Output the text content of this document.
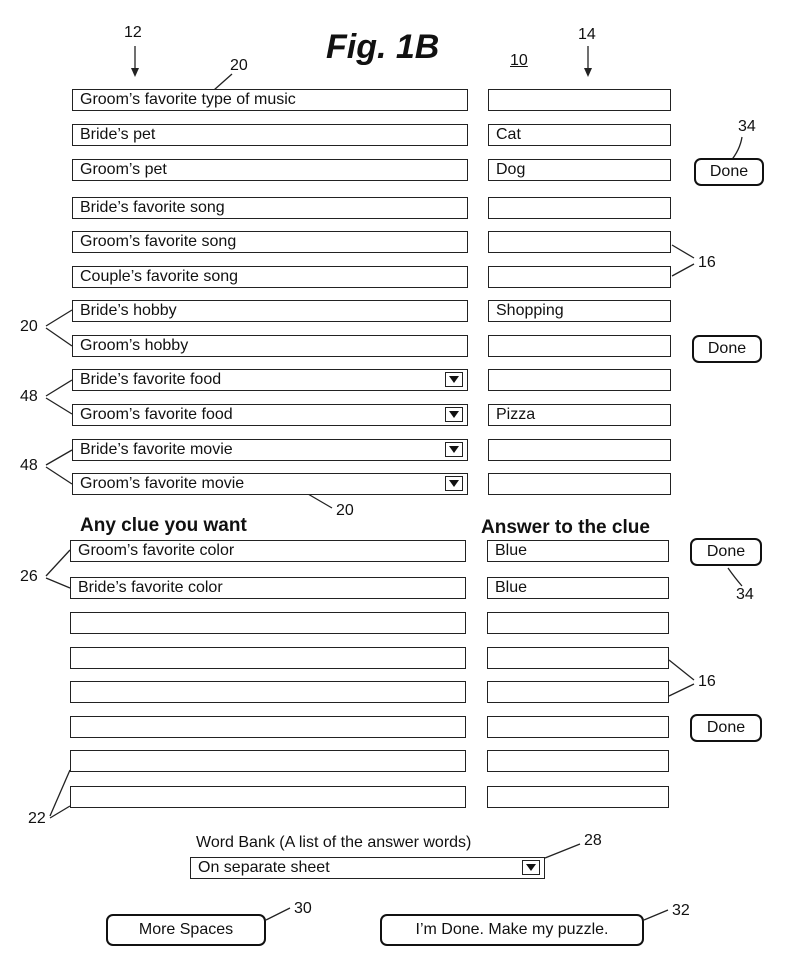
Fig. 1B
12
10
14
20
34
16
20
48
48
20
26
34
16
22
28
30	32
Groom’s favorite type of music
Bride’s pet	Cat
Groom’s pet	Dog
Bride’s favorite song
Groom’s favorite song
Couple’s favorite song
Bride’s hobby	Shopping
Groom’s hobby
Bride’s favorite food
Groom’s favorite food	Pizza
Bride’s favorite movie
Groom’s favorite movie
Done
Done
Any clue you want	Answer to the clue
Groom’s favorite color	Blue
Bride’s favorite color	Blue
Done
Done
Word Bank (A list of the answer words)
On separate sheet
More Spaces	I’m Done. Make my puzzle.
